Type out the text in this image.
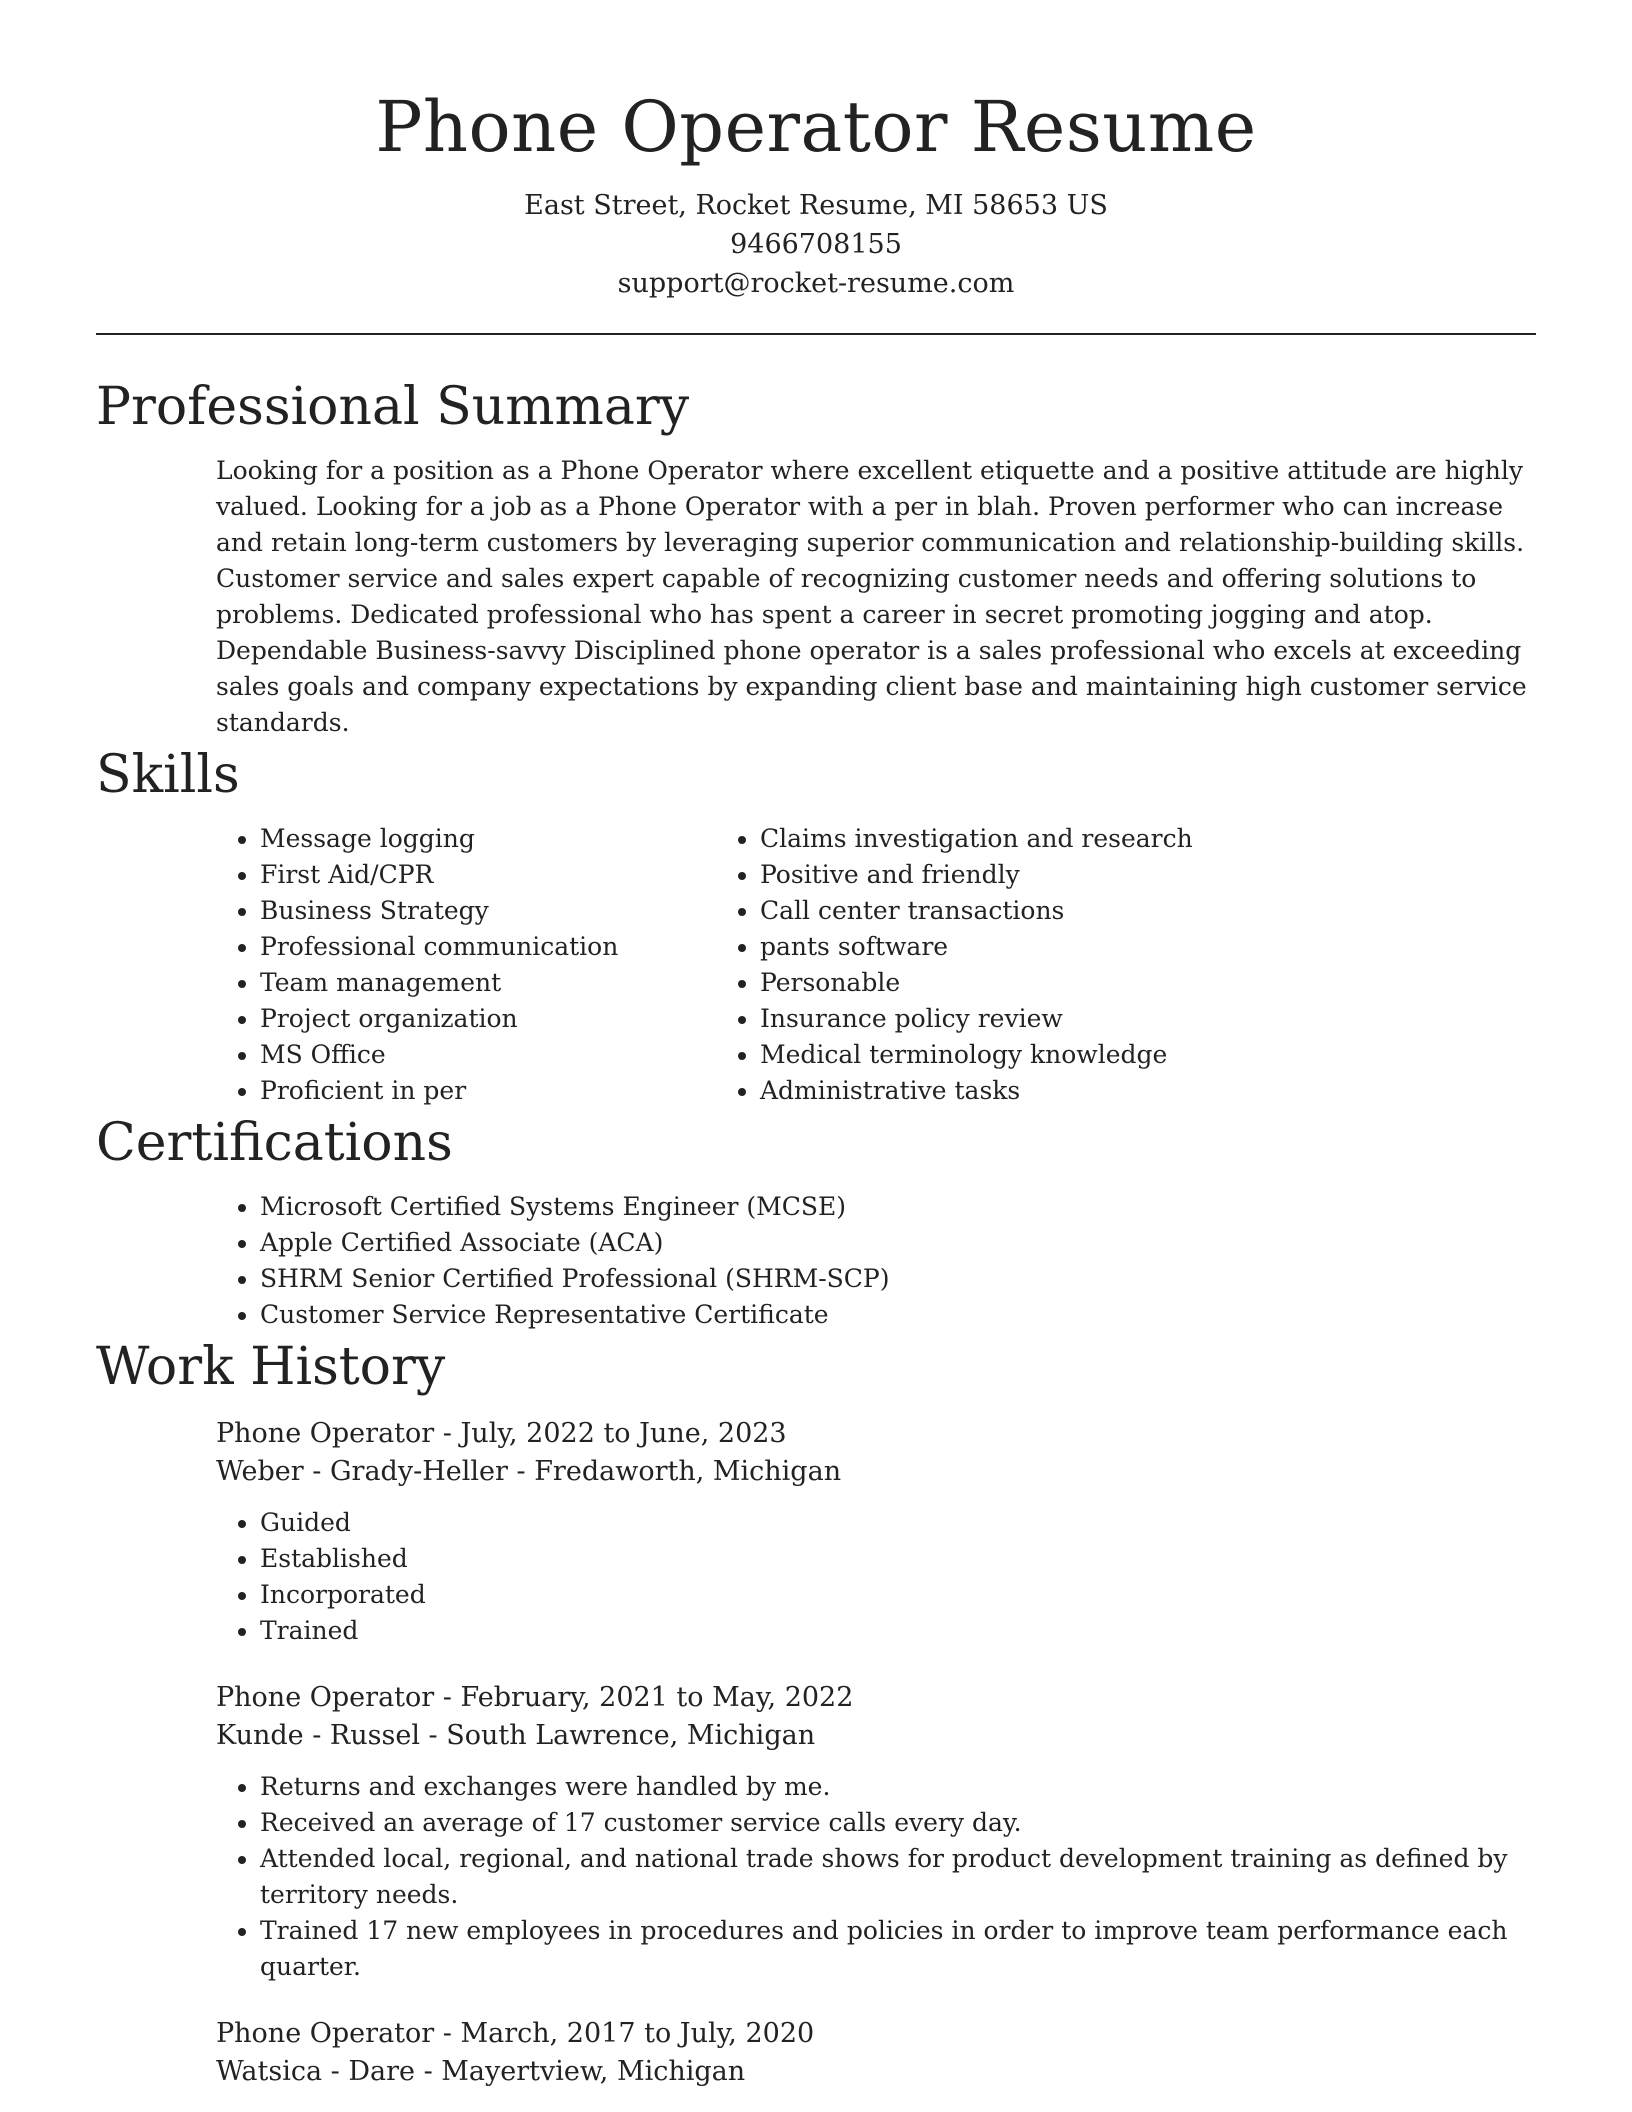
Phone Operator Resume
East Street, Rocket Resume, MI 58653 US
9466708155
support@rocket-resume.com
Professional Summary

Looking for a position as a Phone Operator where excellent etiquette and a positive attitude are highly valued. Looking for a job as a Phone Operator with a per in blah. Proven performer who can increase and retain long-term customers by leveraging superior communication and relationship-building skills. Customer service and sales expert capable of recognizing customer needs and offering solutions to problems. Dedicated professional who has spent a career in secret promoting jogging and atop. Dependable Business-savvy Disciplined phone operator is a sales professional who excels at exceeding sales goals and company expectations by expanding client base and maintaining high customer service standards.

Skills
• Message logging
• First Aid/CPR
• Business Strategy
• Professional communication
• Team management
• Project organization
• MS Office
• Proficient in per
• Claims investigation and research
• Positive and friendly
• Call center transactions
• pants software
• Personable
• Insurance policy review
• Medical terminology knowledge
• Administrative tasks
Certifications
• Microsoft Certified Systems Engineer (MCSE)
• Apple Certified Associate (ACA)
• SHRM Senior Certified Professional (SHRM-SCP)
• Customer Service Representative Certificate
Work History
Phone Operator - July, 2022 to June, 2023
Weber - Grady-Heller - Fredaworth, Michigan
• Guided
• Established
• Incorporated
• Trained
Phone Operator - February, 2021 to May, 2022
Kunde - Russel - South Lawrence, Michigan
• Returns and exchanges were handled by me.
• Received an average of 17 customer service calls every day.
• Attended local, regional, and national trade shows for product development training as defined by territory needs.
• Trained 17 new employees in procedures and policies in order to improve team performance each quarter.
Phone Operator - March, 2017 to July, 2020
Watsica - Dare - Mayertview, Michigan
